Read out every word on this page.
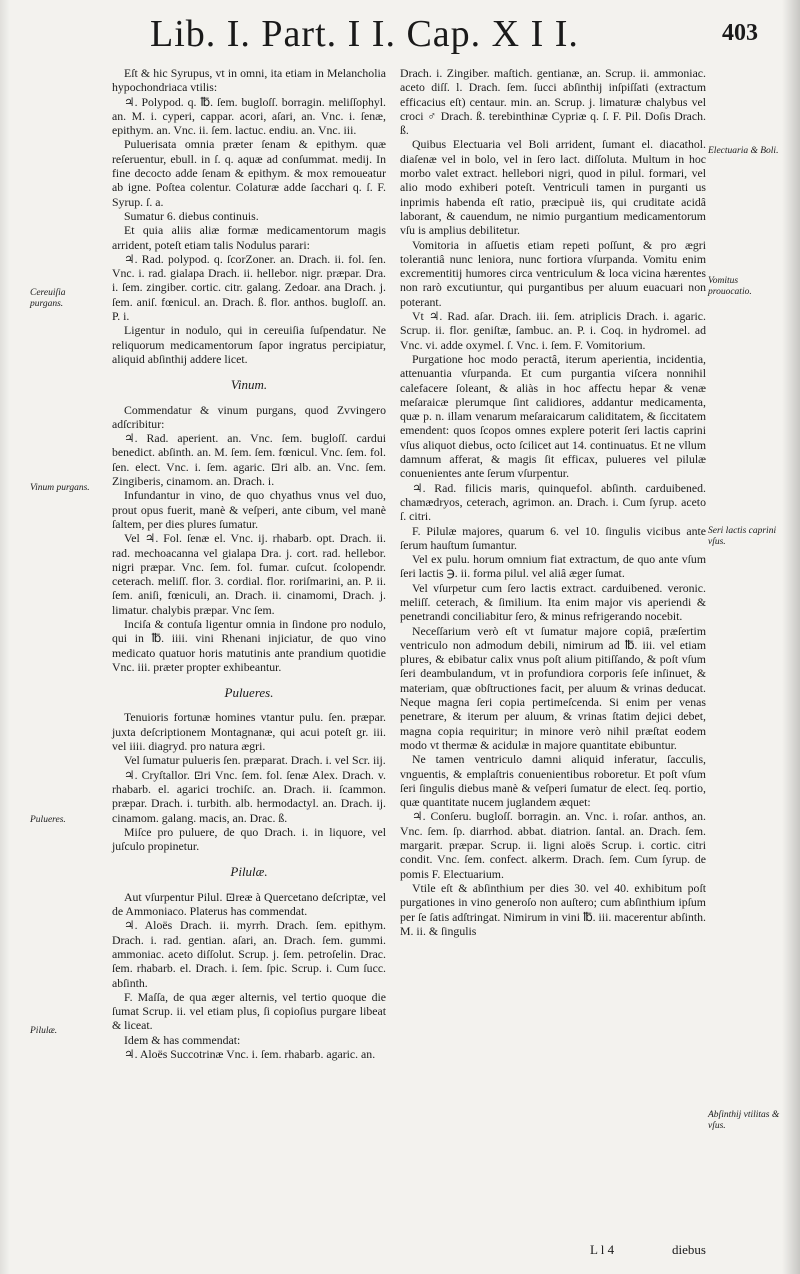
Lib. I. Part. I I. Cap. X I I.	403
Cereuiſia purgans.
Vinum purgans.
Pulueres.
Pilulæ.
Electuaria & Boli.
Vomitus prouocatio.
Seri lactis caprini vſus.
Abſinthij vtilitas & vſus.

Eſt & hic Syrupus, vt in omni, ita etiam in Melancholia hypochondriaca vtilis:

♃. Polypod. q. ℔. ſem. bugloſſ. borragin. meliſſophyl. an. M. i. cyperi, cappar. acori, aſari, an. Vnc. i. ſenæ, epithym. an. Vnc. ii. ſem. lactuc. endiu. an. Vnc. iii.

Puluerisata omnia præter ſenam & epithym. quæ reſeruentur, ebull. in ſ. q. aquæ ad conſummat. medij. In fine decocto adde ſenam & epithym. & mox remoueatur ab igne. Poſtea colentur. Colaturæ adde ſacchari q. ſ. F. Syrup. ſ. a.

Sumatur 6. diebus continuis.

Et quia aliis aliæ formæ medicamentorum magis arrident, poteſt etiam talis Nodulus parari:

♃. Rad. polypod. q. ſcorZoner. an. Drach. ii. fol. ſen. Vnc. i. rad. gialapa Drach. ii. hellebor. nigr. præpar. Dra. i. ſem. zingiber. cortic. citr. galang. Zedoar. ana Drach. j. ſem. aniſ. fœnicul. an. Drach. ß. flor. anthos. bugloſſ. an. P. i.

Ligentur in nodulo, qui in cereuiſia ſuſpendatur. Ne reliquorum medicamentorum ſapor ingratus percipiatur, aliquid abſinthij addere licet.

Vinum.

Commendatur & vinum purgans, quod Zvvingero adſcribitur:

♃. Rad. aperient. an. Vnc. ſem. bugloſſ. cardui benedict. abſinth. an. M. ſem. ſem. fœnicul. Vnc. ſem. fol. ſen. elect. Vnc. i. ſem. agaric. ⊡ri alb. an. Vnc. ſem. Zingiberis, cinamom. an. Drach. i.

Infundantur in vino, de quo chyathus vnus vel duo, prout opus fuerit, manè & veſperi, ante cibum, vel manè ſaltem, per dies plures ſumatur.

Vel ♃. Fol. ſenæ el. Vnc. ij. rhabarb. opt. Drach. ii. rad. mechoacanna vel gialapa Dra. j. cort. rad. hellebor. nigri præpar. Vnc. ſem. fol. fumar. cuſcut. ſcolopendr. ceterach. meliſſ. flor. 3. cordial. flor. roriſmarini, an. P. ii. ſem. aniſi, fœniculi, an. Drach. ii. cinamomi, Drach. j. limatur. chalybis præpar. Vnc ſem.

Inciſa & contuſa ligentur omnia in ſindone pro nodulo, qui in ℔. iiii. vini Rhenani injiciatur, de quo vino medicato quatuor horis matutinis ante prandium quotidie Vnc. iii. præter propter exhibeantur.

Pulueres.

Tenuioris fortunæ homines vtantur pulu. ſen. præpar. juxta deſcriptionem Montagnanæ, qui acui poteſt gr. iii. vel iiii. diagryd. pro natura ægri.

Vel ſumatur pulueris ſen. præparat. Drach. i. vel Scr. iij.

♃. Cryſtallor. ⊡ri Vnc. ſem. fol. ſenæ Alex. Drach. v. rhabarb. el. agarici trochiſc. an. Drach. ii. ſcammon. præpar. Drach. i. turbith. alb. hermodactyl. an. Drach. ij. cinamom. galang. macis, an. Drac. ß.

Miſce pro puluere, de quo Drach. i. in liquore, vel juſculo propinetur.

Pilulæ.

Aut vſurpentur Pilul. ⊡reæ à Quercetano deſcriptæ, vel de Ammoniaco. Platerus has commendat.

♃. Aloës Drach. ii. myrrh. Drach. ſem. epithym. Drach. i. rad. gentian. aſari, an. Drach. ſem. gummi. ammoniac. aceto diſſolut. Scrup. j. ſem. petroſelin. Drac. ſem. rhabarb. el. Drach. i. ſem. ſpic. Scrup. i. Cum ſucc. abſinth.

F. Maſſa, de qua æger alternis, vel tertio quoque die ſumat Scrup. ii. vel etiam plus, ſi copioſius purgare libeat & liceat.

Idem & has commendat:

♃. Aloës Succotrinæ Vnc. i. ſem. rhabarb. agaric. an.

Drach. i. Zingiber. maſtich. gentianæ, an. Scrup. ii. ammoniac. aceto diſſ. l. Drach. ſem. ſucci abſinthij inſpiſſati (extractum efficacius eſt) centaur. min. an. Scrup. j. limaturæ chalybus vel croci ♂ Drach. ß. terebinthinæ Cypriæ q. ſ. F. Pil. Doſis Drach. ß.

Quibus Electuaria vel Boli arrident, ſumant el. diacathol. diaſenæ vel in bolo, vel in ſero lact. diſſoluta. Multum in hoc morbo valet extract. hellebori nigri, quod in pilul. formari, vel alio modo exhiberi poteſt. Ventriculi tamen in purganti us inprimis habenda eſt ratio, præcipuè iis, qui cruditate acidâ laborant, & cauendum, ne nimio purgantium medicamentorum vſu is amplius debilitetur.

Vomitoria in aſſuetis etiam repeti poſſunt, & pro ægri tolerantiâ nunc leniora, nunc fortiora vſurpanda. Vomitu enim excrementitij humores circa ventriculum & loca vicina hærentes non rarò excutiuntur, qui purgantibus per aluum euacuari non poterant.

Vt ♃. Rad. aſar. Drach. iii. ſem. atriplicis Drach. i. agaric. Scrup. ii. flor. geniſtæ, ſambuc. an. P. i. Coq. in hydromel. ad Vnc. vi. adde oxymel. ſ. Vnc. i. ſem. F. Vomitorium.

Purgatione hoc modo peractâ, iterum aperientia, incidentia, attenuantia vſurpanda. Et cum purgantia viſcera nonnihil calefacere ſoleant, & aliàs in hoc affectu hepar & venæ meſaraicæ plerumque ſint calidiores, addantur medicamenta, quæ p. n. illam venarum meſaraicarum caliditatem, & ſiccitatem emendent: quos ſcopos omnes explere poterit ſeri lactis caprini vſus aliquot diebus, octo ſcilicet aut 14. continuatus. Et ne vllum damnum afferat, & magis ſit efficax, pulueres vel pilulæ conuenientes ante ſerum vſurpentur.

♃. Rad. filicis maris, quinquefol. abſinth. carduibened. chamædryos, ceterach, agrimon. an. Drach. i. Cum ſyrup. aceto ſ. citri.

F. Pilulæ majores, quarum 6. vel 10. ſingulis vicibus ante ſerum hauſtum ſumantur.

Vel ex pulu. horum omnium fiat extractum, de quo ante vſum ſeri lactis ℈. ii. forma pilul. vel aliâ æger ſumat.

Vel vſurpetur cum ſero lactis extract. carduibened. veronic. meliſſ. ceterach, & ſimilium. Ita enim major vis aperiendi & penetrandi conciliabitur ſero, & minus refrigerando nocebit.

Neceſſarium verò eſt vt ſumatur majore copiâ, præſertim ventriculo non admodum debili, nimirum ad ℔. iii. vel etiam plures, & ebibatur calix vnus poſt alium pitiſſando, & poſt vſum ſeri deambulandum, vt in profundiora corporis ſeſe inſinuet, & materiam, quæ obſtructiones facit, per aluum & vrinas deducat. Neque magna ſeri copia pertimeſcenda. Si enim per venas penetrare, & iterum per aluum, & vrinas ſtatim dejici debet, magna copia requiritur; in minore verò nihil præſtat eodem modo vt thermæ & acidulæ in majore quantitate ebibuntur.

Ne tamen ventriculo damni aliquid inferatur, ſacculis, vnguentis, & emplaſtris conuenientibus roboretur. Et poſt vſum ſeri ſingulis diebus manè & veſperi ſumatur de elect. ſeq. portio, quæ quantitate nucem juglandem æquet:

♃. Conſeru. bugloſſ. borragin. an. Vnc. i. roſar. anthos, an. Vnc. ſem. ſp. diarrhod. abbat. diatrion. ſantal. an. Drach. ſem. margarit. præpar. Scrup. ii. ligni aloës Scrup. i. cortic. citri condit. Vnc. ſem. confect. alkerm. Drach. ſem. Cum ſyrup. de pomis F. Electuarium.

Vtile eſt & abſinthium per dies 30. vel 40. exhibitum poſt purgationes in vino generoſo non auſtero; cum abſinthium ipſum per ſe ſatis adſtringat. Nimirum in vini ℔. iii. macerentur abſinth. M. ii. & ſingulis

L l 4	diebus
